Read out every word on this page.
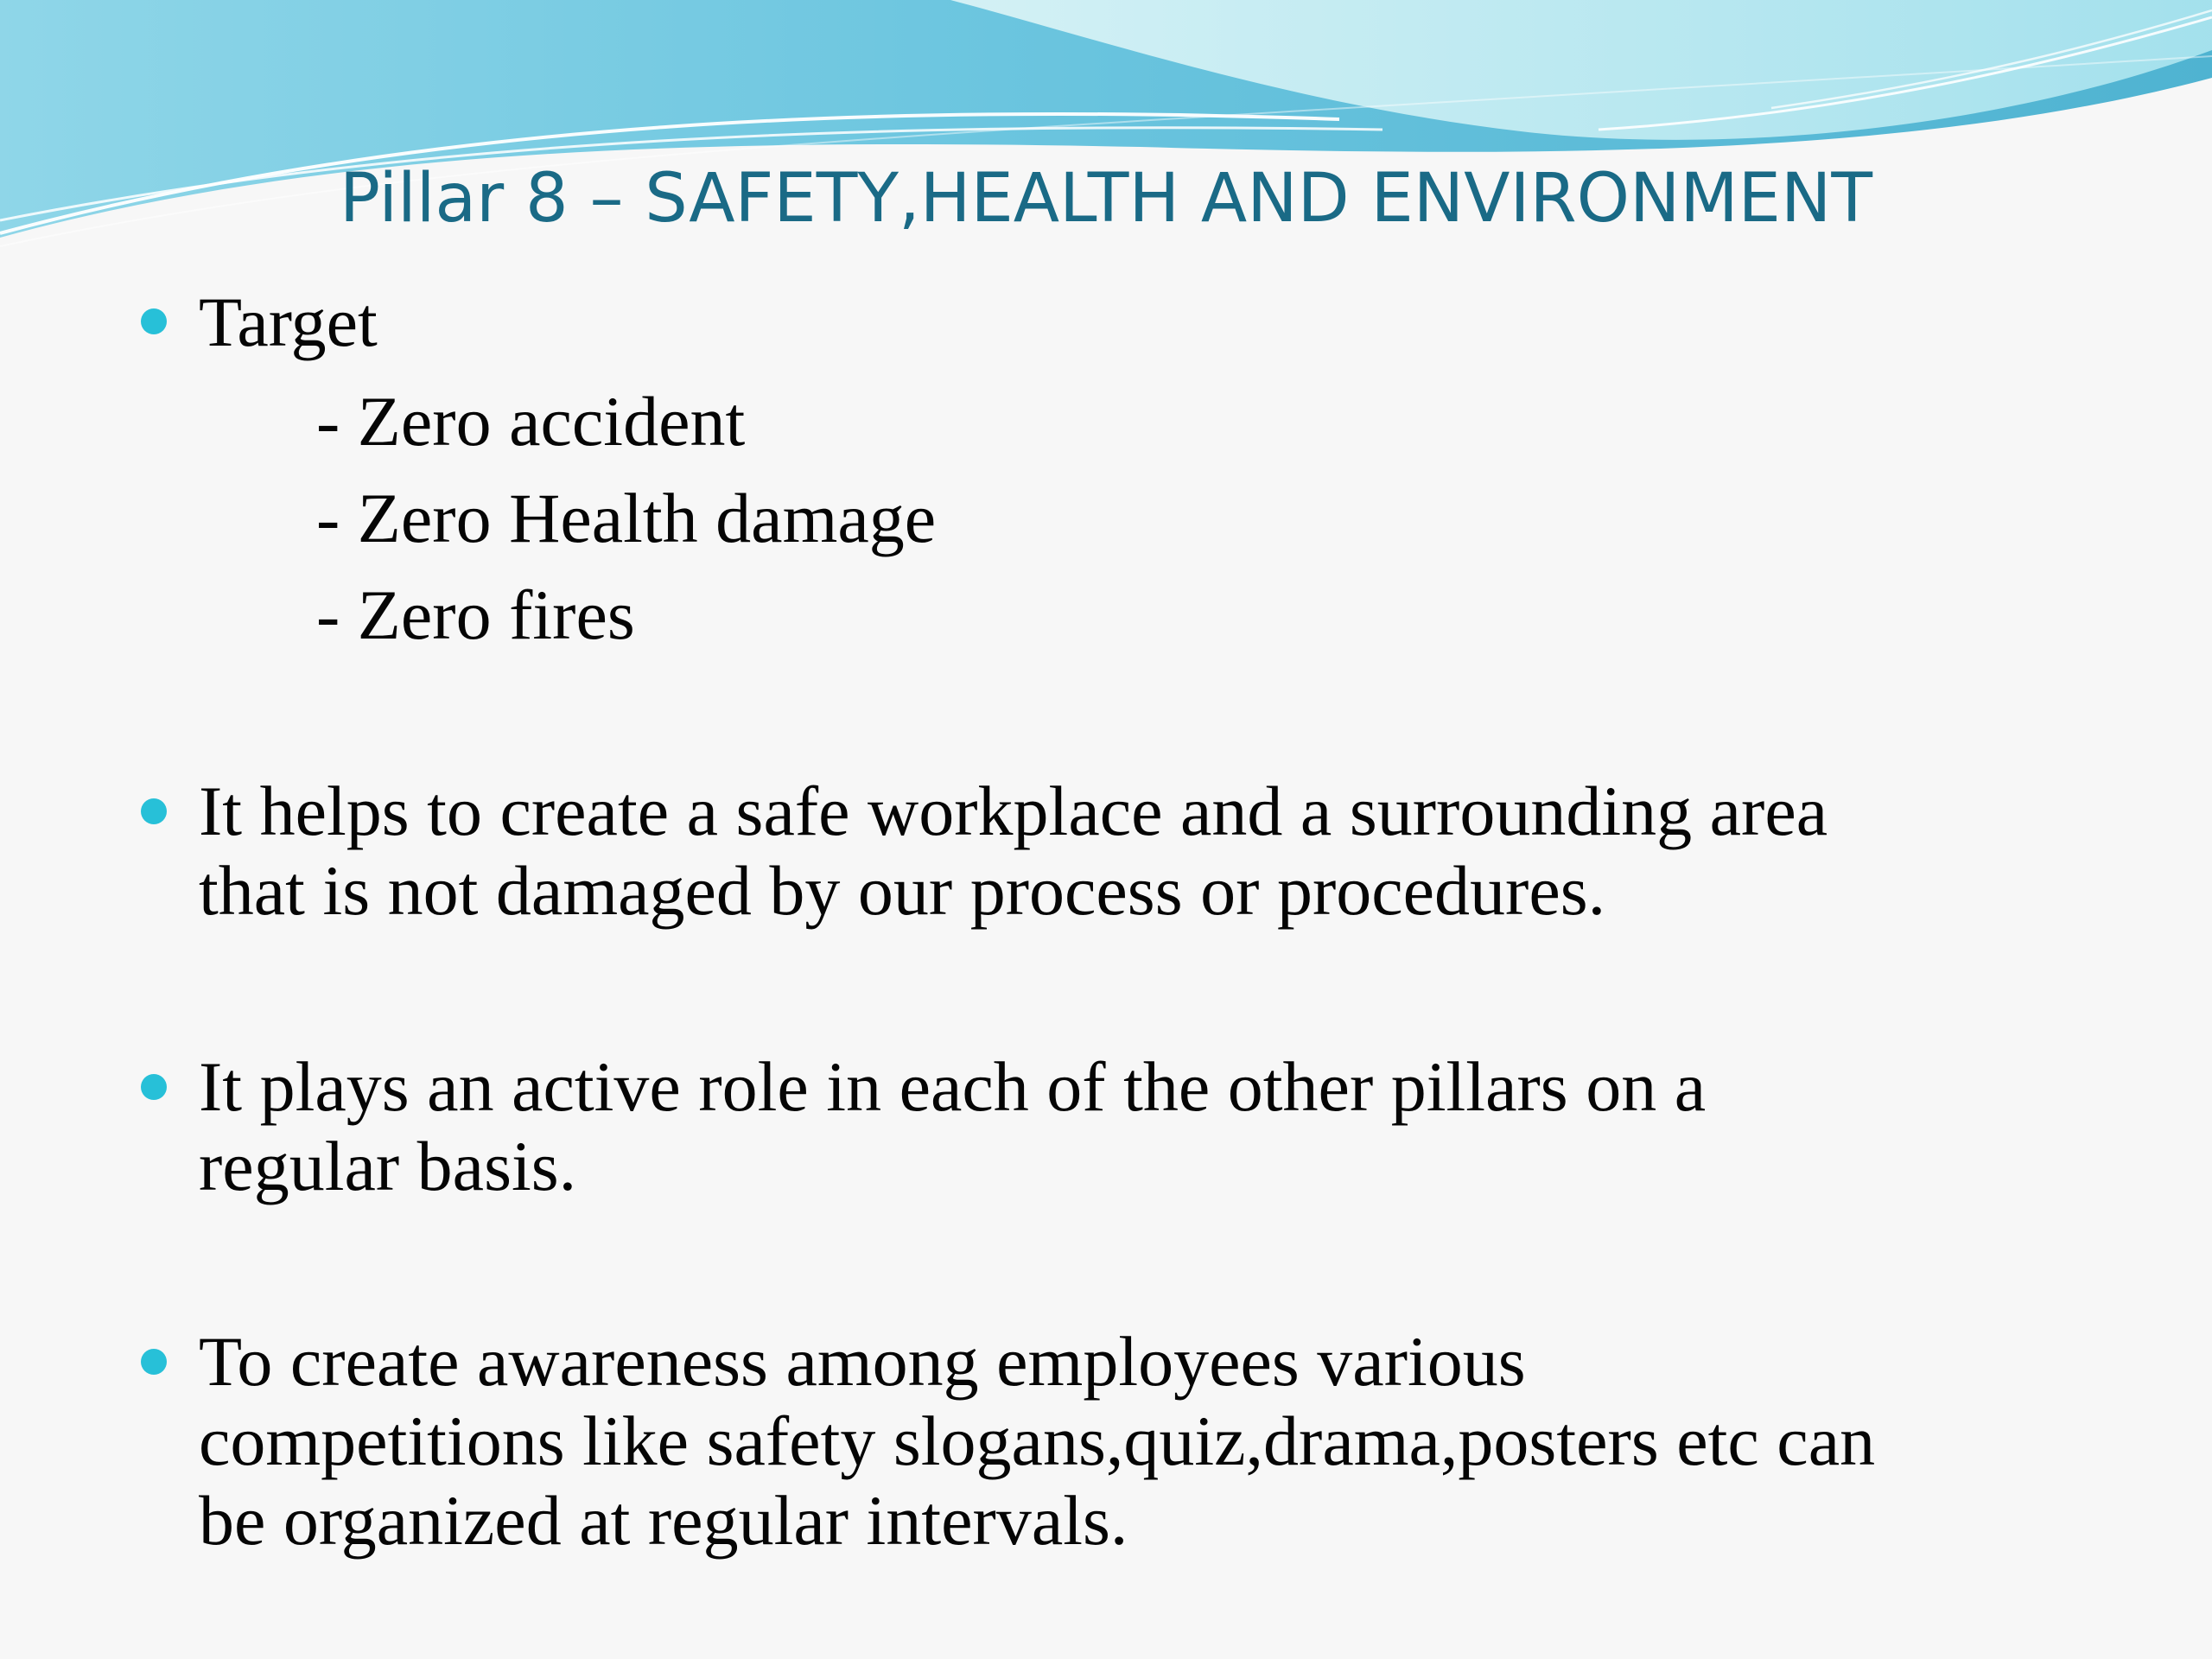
Pillar 8 – SAFETY,HEALTH AND ENVIRONMENT
Target
- Zero accident
- Zero Health damage
- Zero fires
It helps to create a safe workplace and a surrounding area
that is not damaged by our process or procedures.
It plays an active role in each of the other pillars on a
regular basis.
To create awareness among employees various
competitions like safety slogans,quiz,drama,posters etc can
be organized at regular intervals.
